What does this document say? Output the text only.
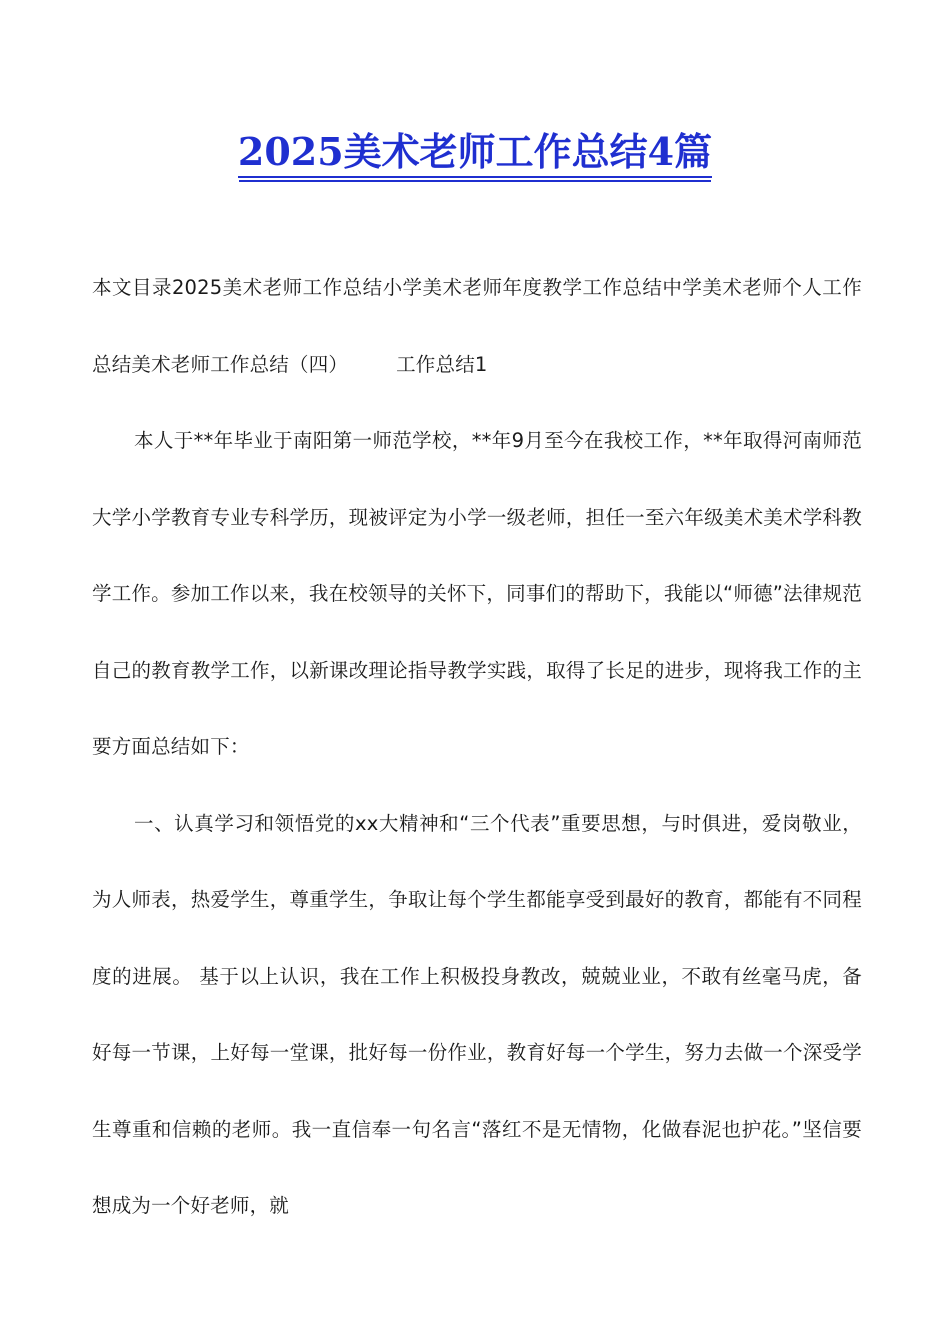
2025美术老师工作总结4篇

本文目录2025美术老师工作总结小学美术老师年度教学工作总结中学美术老师个人工作总结美术老师工作总结（四） 工作总结1

本人于**年毕业于南阳第一师范学校，**年9月至今在我校工作，**年取得河南师范大学小学教育专业专科学历，现被评定为小学一级老师，担任一至六年级美术美术学科教学工作。参加工作以来，我在校领导的关怀下，同事们的帮助下，我能以“师德”法律规范自己的教育教学工作，以新课改理论指导教学实践，取得了长足的进步，现将我工作的主要方面总结如下：

一、认真学习和领悟党的xx大精神和“三个代表”重要思想，与时俱进，爱岗敬业，为人师表，热爱学生，尊重学生，争取让每个学生都能享受到最好的教育，都能有不同程度的进展。 基于以上认识，我在工作上积极投身教改，兢兢业业，不敢有丝毫马虎，备好每一节课，上好每一堂课，批好每一份作业，教育好每一个学生，努力去做一个深受学生尊重和信赖的老师。我一直信奉一句名言“落红不是无情物，化做春泥也护花。”坚信要想成为一个好老师，就
